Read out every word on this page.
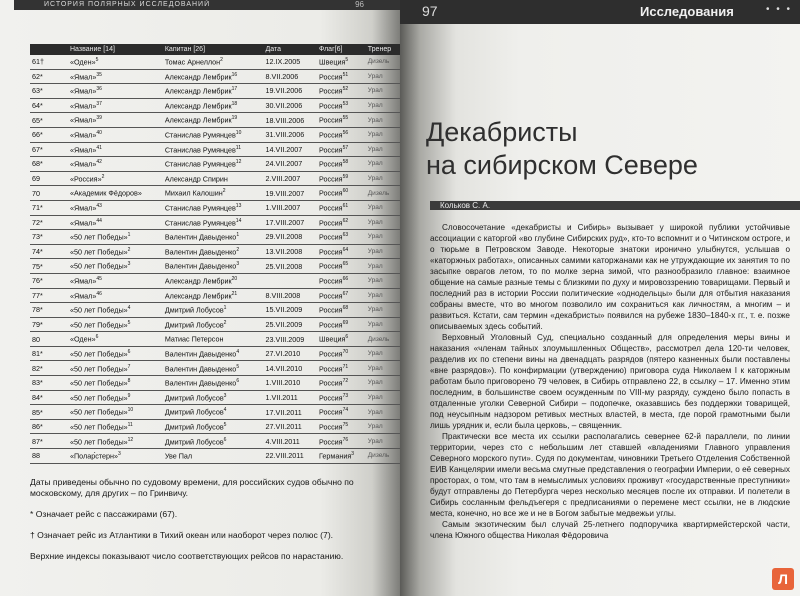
ИСТОРИЯ ПОЛЯРНЫХ ИССЛЕДОВАНИЙ	96
	Название [14]	Капитан [26]	Дата	Флаг[6]	Тренер
61†	«Оден»$^5$	Томас Арнеллон$^2$	12.IX.2005	Швеция$^5$	Дизель
62*	«Ямал»$^{35}$	Александр Лембрик$^{16}$	8.VII.2006	Россия$^{51}$	Урал
63*	«Ямал»$^{36}$	Александр Лембрик$^{17}$	19.VII.2006	Россия$^{52}$	Урал
64*	«Ямал»$^{37}$	Александр Лембрик$^{18}$	30.VII.2006	Россия$^{53}$	Урал
65*	«Ямал»$^{39}$	Александр Лембрик$^{19}$	18.VIII.2006	Россия$^{55}$	Урал
66*	«Ямал»$^{40}$	Станислав Румянцев$^{10}$	31.VIII.2006	Россия$^{56}$	Урал
67*	«Ямал»$^{41}$	Станислав Румянцев$^{11}$	14.VII.2007	Россия$^{57}$	Урал
68*	«Ямал»$^{42}$	Станислав Румянцев$^{12}$	24.VII.2007	Россия$^{58}$	Урал
69	«Россия»$^2$	Александр Спирин	2.VIII.2007	Россия$^{59}$	Урал
70	«Академик Фёдоров»	Михаил Калошин$^2$	19.VIII.2007	Россия$^{60}$	Дизель
71*	«Ямал»$^{43}$	Станислав Румянцев$^{13}$	1.VIII.2007	Россия$^{61}$	Урал
72*	«Ямал»$^{44}$	Станислав Румянцев$^{14}$	17.VIII.2007	Россия$^{62}$	Урал
73*	«50 лет Победы»$^1$	Валентин Давыденко$^1$	29.VII.2008	Россия$^{63}$	Урал
74*	«50 лет Победы»$^2$	Валентин Давыденко$^2$	13.VII.2008	Россия$^{64}$	Урал
75*	«50 лет Победы»$^3$	Валентин Давыденко$^3$	25.VII.2008	Россия$^{65}$	Урал
76*	«Ямал»$^{45}$	Александр Лембрик$^{20}$		Россия$^{66}$	Урал
77*	«Ямал»$^{46}$	Александр Лембрик$^{21}$	8.VIII.2008	Россия$^{67}$	Урал
78*	«50 лет Победы»$^4$	Дмитрий Лобусов$^1$	15.VII.2009	Россия$^{68}$	Урал
79*	«50 лет Победы»$^5$	Дмитрий Лобусов$^2$	25.VII.2009	Россия$^{69}$	Урал
80	«Оден»$^6$	Матиас Петерсон	23.VIII.2009	Швеция$^6$	Дизель
81*	«50 лет Победы»$^6$	Валентин Давыденко$^4$	27.VI.2010	Россия$^{70}$	Урал
82*	«50 лет Победы»$^7$	Валентин Давыденко$^5$	14.VII.2010	Россия$^{71}$	Урал
83*	«50 лет Победы»$^8$	Валентин Давыденко$^6$	1.VIII.2010	Россия$^{72}$	Урал
84*	«50 лет Победы»$^9$	Дмитрий Лобусов$^3$	1.VII.2011	Россия$^{73}$	Урал
85*	«50 лет Победы»$^{10}$	Дмитрий Лобусов$^4$	17.VII.2011	Россия$^{74}$	Урал
86*	«50 лет Победы»$^{11}$	Дмитрий Лобусов$^5$	27.VII.2011	Россия$^{75}$	Урал
87*	«50 лет Победы»$^{12}$	Дмитрий Лобусов$^6$	4.VIII.2011	Россия$^{76}$	Урал
88	«Полар́стерн»$^3$	Уве Пал	22.VIII.2011	Германия$^3$	Дизель

Даты приведены обычно по судовому времени, для российских судов обычно по московскому, для других – по Гринвичу.

* Означает рейс с пассажирами (67).

† Означает рейс из Атлантики в Тихий океан или наоборот через полюс (7).

Верхние индексы показывают число соответствующих рейсов по нарастанию.

97	Исследования	• • •
Декабристы
на сибирском Севере
Кольков С. А.

Словосочетание «декабристы и Сибирь» вызывает у широкой публики устойчивые ассоциации с каторгой «во глубине Сибирских руд», кто-то вспомнит и о Читинском остроге, и о тюрьме в Петровском Заводе. Некоторые знатоки иронично улыбнутся, услышав о «каторжных работах», описанных самими каторжанами как не утруждающие их занятия то по засыпке оврагов летом, то по молке зерна зимой, что разнообразило главное: взаимное общение на самые разные темы с близкими по духу и мировоззрению товарищами. Первый и последний раз в истории России политические «однодельцы» были для отбытия наказания собраны вместе, что во многом позволило им сохраниться как личностям, а многим – и развиться. Кстати, сам термин «декабристы» появился на рубеже 1830–1840-х гг., т. е. позже описываемых здесь событий.

Верховный Уголовный Суд, специально созданный для определения меры вины и наказания «членам тайных злоумышленных Обществ», рассмотрел дела 120-ти человек, разделив их по степени вины на двенадцать разрядов (пятеро казненных были поставлены «вне разрядов»). По конфирмации (утверждению) приговора суда Николаем I к каторжным работам было приговорено 79 человек, в Сибирь отправлено 22, в ссылку – 17. Именно этим последним, в большинстве своем осужденным по VIII-му разряду, суждено было попасть в отдаленные уголки Северной Сибири – подопечке, оказавшись без поддержки товарищей, под неусыпным надзором ретивых местных властей, в места, где порой грамотными были лишь урядник и, если была церковь, – священник.

Практически все места их ссылки располагались севернее 62-й параллели, по линии территории, через сто с небольшим лет ставшей «владениями Главного управления Северного морского пути». Судя по документам, чиновники Третьего Отделения Собственной ЕИВ Канцелярии имели весьма смутные представления о географии Империи, о её северных просторах, о том, что там в немыслимых условиях проживут «государственные преступники» будут отправлены до Петербурга через несколько месяцев после их отправки. И полетели в Сибирь сосланным фельдъегеря с предписаниями о перемене мест ссылки, не в людские места, конечно, но все же и не в Богом забытые медвежьи углы.

Самым экзотическим был случай 25-летнего подпоручика квартирмейстерской части, члена Южного общества Николая Фёдоровича

Л
